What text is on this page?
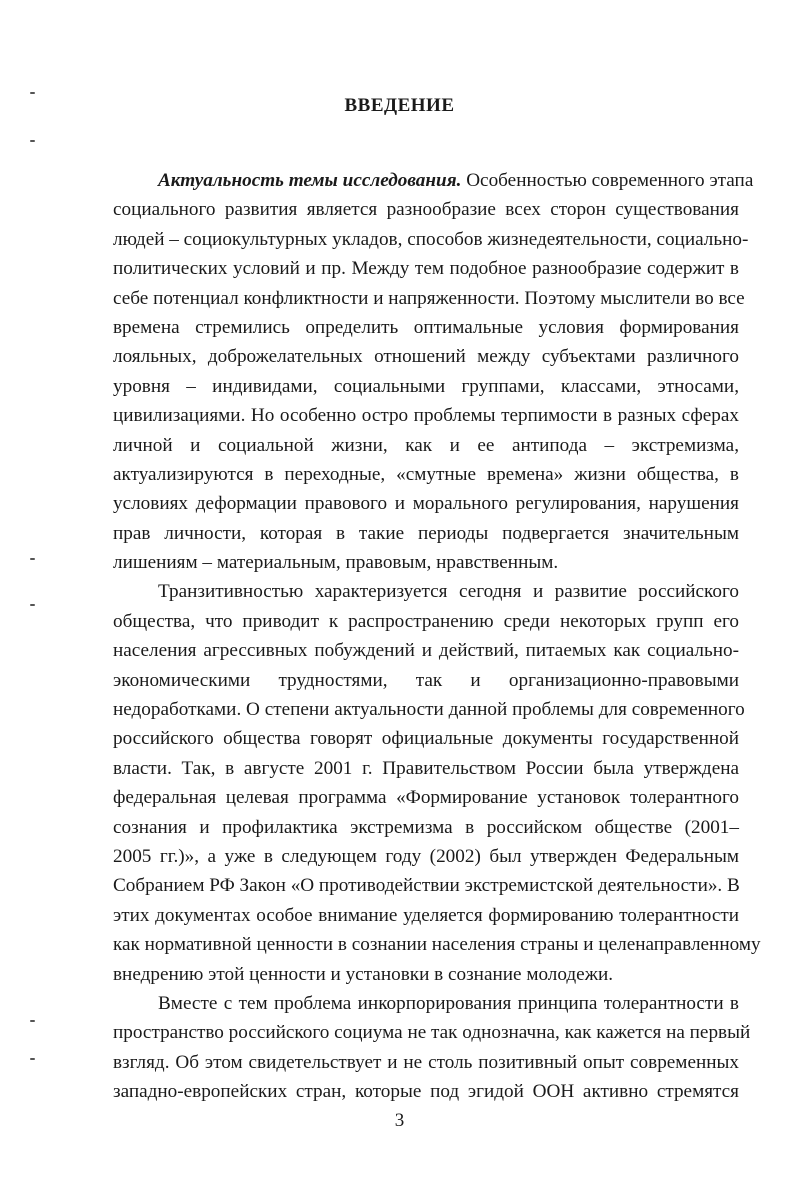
ВВЕДЕНИЕ
Актуальность темы исследования. Особенностью современного этапа
социального развития является разнообразие всех сторон существования
людей – социокультурных укладов, способов жизнедеятельности, социально-
политических условий и пр. Между тем подобное разнообразие содержит в
себе потенциал конфликтности и напряженности. Поэтому мыслители во все
времена стремились определить оптимальные условия формирования
лояльных, доброжелательных отношений между субъектами различного
уровня – индивидами, социальными группами, классами, этносами,
цивилизациями. Но особенно остро проблемы терпимости в разных сферах
личной и социальной жизни, как и ее антипода – экстремизма,
актуализируются в переходные, «смутные времена» жизни общества, в
условиях деформации правового и морального регулирования, нарушения
прав личности, которая в такие периоды подвергается значительным
лишениям – материальным, правовым, нравственным.
Транзитивностью характеризуется сегодня и развитие российского
общества, что приводит к распространению среди некоторых групп его
населения агрессивных побуждений и действий, питаемых как социально-
экономическими трудностями, так и организационно-правовыми
недоработками. О степени актуальности данной проблемы для современного
российского общества говорят официальные документы государственной
власти. Так, в августе 2001 г. Правительством России была утверждена
федеральная целевая программа «Формирование установок толерантного
сознания и профилактика экстремизма в российском обществе (2001–
2005 гг.)», а уже в следующем году (2002) был утвержден Федеральным
Собранием РФ Закон «О противодействии экстремистской деятельности». В
этих документах особое внимание уделяется формированию толерантности
как нормативной ценности в сознании населения страны и целенаправленному
внедрению этой ценности и установки в сознание молодежи.
Вместе с тем проблема инкорпорирования принципа толерантности в
пространство российского социума не так однозначна, как кажется на первый
взгляд. Об этом свидетельствует и не столь позитивный опыт современных
западно-европейских стран, которые под эгидой ООН активно стремятся
3
